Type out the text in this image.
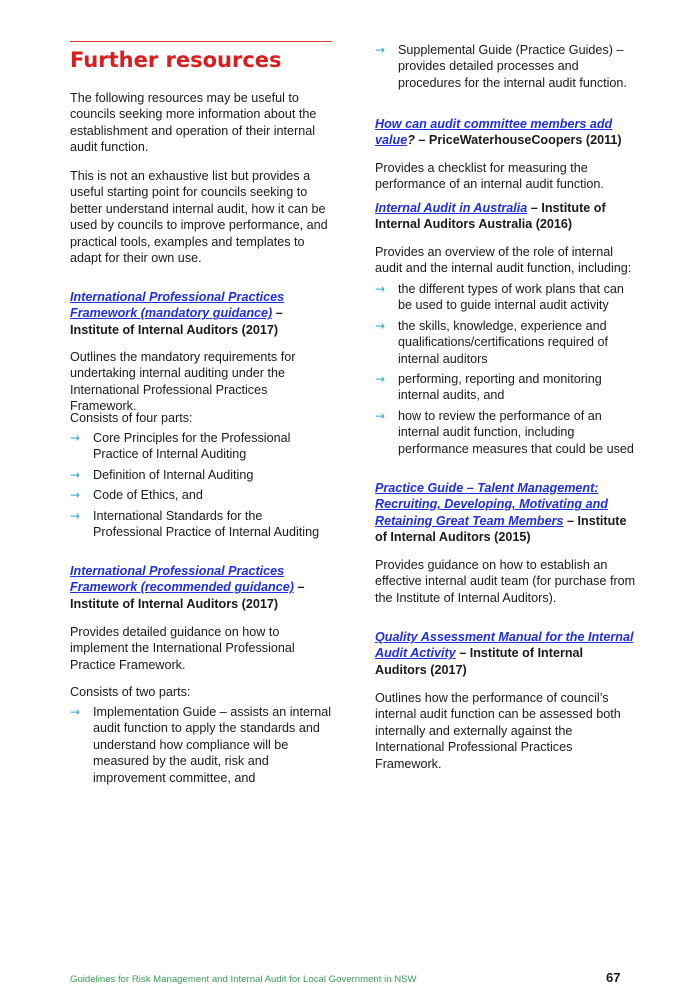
Further resources

The following resources may be useful to councils seeking more information about the establishment and operation of their internal audit function.

This is not an exhaustive list but provides a useful starting point for councils seeking to better understand internal audit, how it can be used by councils to improve performance, and practical tools, examples and templates to adapt for their own use.

International Professional Practices Framework (mandatory guidance) – Institute of Internal Auditors (2017)

Outlines the mandatory requirements for undertaking internal auditing under the International Professional Practices Framework.

Consists of four parts:

→ Core Principles for the Professional Practice of Internal Auditing
→ Definition of Internal Auditing
→ Code of Ethics, and
→ International Standards for the Professional Practice of Internal Auditing

International Professional Practices Framework (recommended guidance) – Institute of Internal Auditors (2017)

Provides detailed guidance on how to implement the International Professional Practice Framework.

Consists of two parts:

→ Implementation Guide – assists an internal audit function to apply the standards and understand how compliance will be measured by the audit, risk and improvement committee, and
→ Supplemental Guide (Practice Guides) – provides detailed processes and procedures for the internal audit function.

How can audit committee members add value? – PriceWaterhouseCoopers (2011)

Provides a checklist for measuring the performance of an internal audit function.

Internal Audit in Australia – Institute of Internal Auditors Australia (2016)

Provides an overview of the role of internal audit and the internal audit function, including:

→ the different types of work plans that can be used to guide internal audit activity
→ the skills, knowledge, experience and qualifications/certifications required of internal auditors
→ performing, reporting and monitoring internal audits, and
→ how to review the performance of an internal audit function, including performance measures that could be used

Practice Guide – Talent Management: Recruiting, Developing, Motivating and Retaining Great Team Members – Institute of Internal Auditors (2015)

Provides guidance on how to establish an effective internal audit team (for purchase from the Institute of Internal Auditors).

Quality Assessment Manual for the Internal Audit Activity – Institute of Internal Auditors (2017)

Outlines how the performance of council’s internal audit function can be assessed both internally and externally against the International Professional Practices Framework.

Guidelines for Risk Management and Internal Audit for Local Government in NSW	67
